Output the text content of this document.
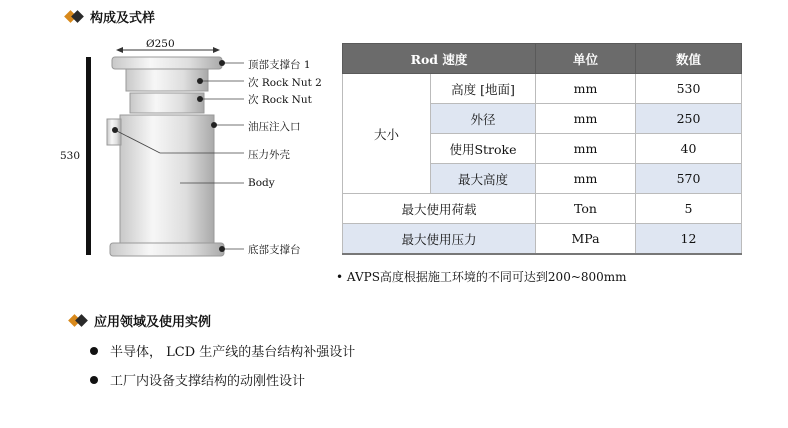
构成及式样
Ø250
530
顶部支撑台 1
次 Rock Nut 2
次 Rock Nut
油压注入口
压力外壳
Body
底部支撑台
Rod 速度		单位	数值
大小	高度 [地面]	mm	530
	外径	mm	250
	使用Stroke	mm	40
	最大高度	mm	570
最大使用荷载		Ton	5
最大使用压力		MPa	12
• AVPS高度根据施工环境的不同可达到200~800mm
应用领域及使用实例
半导体， LCD 生产线的基台结构补强设计
工厂内设备支撑结构的动刚性设计
